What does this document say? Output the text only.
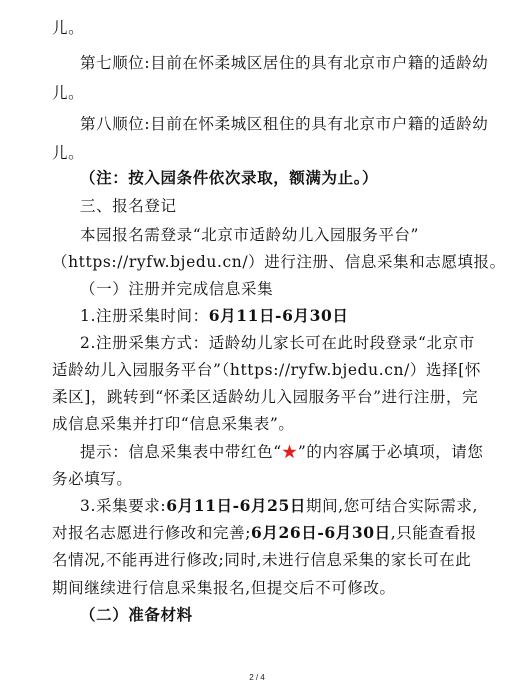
儿。
第七顺位:目前在怀柔城区居住的具有北京市户籍的适龄幼
儿。
第八顺位:目前在怀柔城区租住的具有北京市户籍的适龄幼
儿。
（注：按入园条件依次录取，额满为止。）
三、报名登记
本园报名需登录“北京市适龄幼儿入园服务平台”
（https://ryfw.bjedu.cn/）进行注册、信息采集和志愿填报。
（一）注册并完成信息采集
1.注册采集时间：6月11日-6月30日
2.注册采集方式：适龄幼儿家长可在此时段登录“北京市
适龄幼儿入园服务平台”（https://ryfw.bjedu.cn/）选择[怀
柔区]，跳转到“怀柔区适龄幼儿入园服务平台”进行注册，完
成信息采集并打印“信息采集表”。
提示：信息采集表中带红色“★”的内容属于必填项，请您
务必填写。
3.采集要求:6月11日-6月25日期间,您可结合实际需求,
对报名志愿进行修改和完善;6月26日-6月30日,只能查看报
名情况,不能再进行修改;同时,未进行信息采集的家长可在此
期间继续进行信息采集报名,但提交后不可修改。
（二）准备材料
2 / 4
